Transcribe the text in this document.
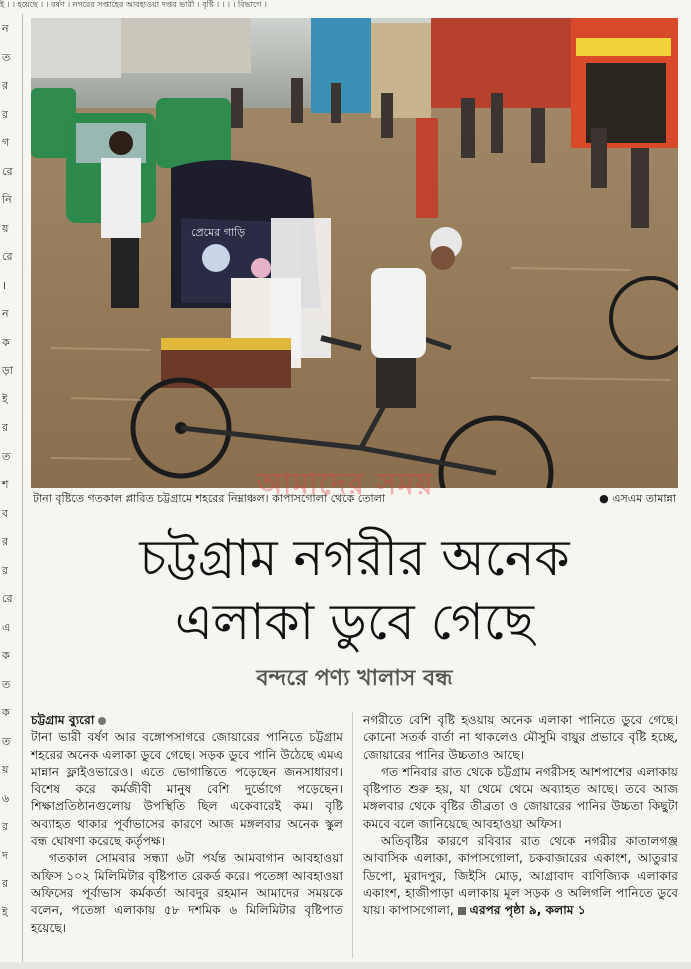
ই । । হয়েছে । । বর্ষণ । নগরের সপ্তাহের আবহাওয়া দপ্তর ভারী । বৃষ্টি । । । । বিভাগে ।
ন
ত
র
র
গ
রে
নি
য়
রে
।
ন
ক
ড়া
ই
র
ত
শ
ব
র
র
রে
এ
ক
ত
ক
ত
য়
৬
র
দ
র
ই
প্রেমের গাড়ি
আমাদের সময়
টানা বৃষ্টিতে গতকাল প্লাবিত চট্টগ্রামে শহরের নিম্নাঞ্চল। কাপাসগোলা থেকে তোলা	● এসএম তামান্না
চট্টগ্রাম নগরীর অনেক
এলাকা ডুবে গেছে
বন্দরে পণ্য খালাস বন্ধ

চট্টগ্রাম ব্যুরো

টানা ভারী বর্ষণ আর বঙ্গোপসাগরে জোয়ারের পানিতে চট্টগ্রাম শহরের অনেক এলাকা ডুবে গেছে। সড়ক ডুবে পানি উঠেছে এমএ মান্নান ফ্লাইওভারেও। এতে ভোগান্তিতে পড়েছেন জনসাধারণ। বিশেষ করে কর্মজীবী মানুষ বেশি দুর্ভোগে পড়েছেন। শিক্ষাপ্রতিষ্ঠানগুলোয় উপস্থিতি ছিল একেবারেই কম। বৃষ্টি অব্যাহত থাকার পূর্বাভাসের কারণে আজ মঙ্গলবার অনেক স্কুল বন্ধ ঘোষণা করেছে কর্তৃপক্ষ।

গতকাল সোমবার সন্ধ্যা ৬টা পর্যন্ত আমবাগান আবহাওয়া অফিস ১০২ মিলিমিটার বৃষ্টিপাত রেকর্ড করে। পতেঙ্গা আবহাওয়া অফিসের পূর্বাভাস কর্মকর্তা আবদুর রহমান আমাদের সময়কে বলেন, পতেঙ্গা এলাকায় ৫৮ দশমিক ৬ মিলিমিটার বৃষ্টিপাত হয়েছে।

নগরীতে বেশি বৃষ্টি হওয়ায় অনেক এলাকা পানিতে ডুবে গেছে। কোনো সতর্ক বার্তা না থাকলেও মৌসুমি বায়ুর প্রভাবে বৃষ্টি হচ্ছে, জোয়ারের পানির উচ্চতাও আছে।

গত শনিবার রাত থেকে চট্টগ্রাম নগরীসহ আশপাশের এলাকায় বৃষ্টিপাত শুরু হয়, যা থেমে থেমে অব্যাহত আছে। তবে আজ মঙ্গলবার থেকে বৃষ্টির তীব্রতা ও জোয়ারের পানির উচ্চতা কিছুটা কমবে বলে জানিয়েছে আবহাওয়া অফিস।

অতিবৃষ্টির কারণে রবিবার রাত থেকে নগরীর কাতালগঞ্জ আবাসিক এলাকা, কাপাসগোলা, চকবাজারের একাংশ, আতুরার ডিপো, মুরাদপুর, জিইসি মোড়, আগ্রাবাদ বাণিজ্যিক এলাকার একাংশ, হাজীপাড়া এলাকায় মূল সড়ক ও অলিগলি পানিতে ডুবে যায়। কাপাসগোলা, এরপর পৃষ্ঠা ৯, কলাম ১
